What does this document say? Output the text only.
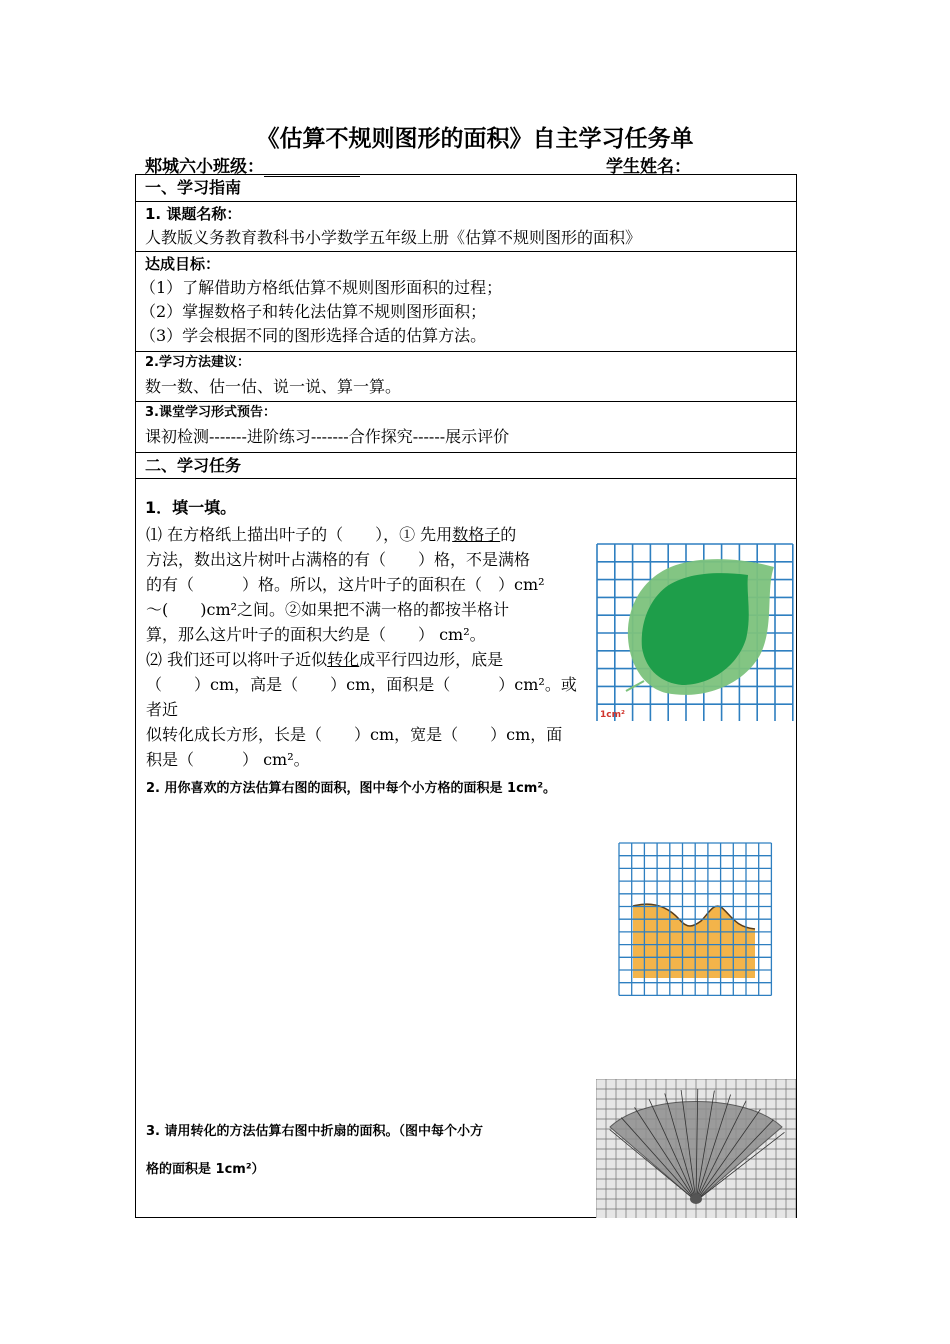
《估算不规则图形的面积》自主学习任务单
郏城六小班级：	学生姓名：
一、学习指南
1. 课题名称：
人教版义务教育教科书小学数学五年级上册《估算不规则图形的面积》
达成目标：
（1）了解借助方格纸估算不规则图形面积的过程；
（2）掌握数格子和转化法估算不规则图形面积；
（3）学会根据不同的图形选择合适的估算方法。
2.学习方法建议：
数一数、估一估、说一说、算一算。
3.课堂学习形式预告：
课初检测-------进阶练习-------合作探究------展示评价
二、学习任务
1．填一填。
⑴ 在方格纸上描出叶子的（　　），① 先用数格子的
方法，数出这片树叶占满格的有（　　）格，不是满格
的有（　　　）格。所以，这片叶子的面积在（　）cm²
～(　　)cm²之间。②如果把不满一格的都按半格计
算，那么这片叶子的面积大约是（　　） cm²。
⑵ 我们还可以将叶子近似转化成平行四边形，底是
（　　）cm，高是（　　）cm，面积是（　　　）cm²。或者近
似转化成长方形，长是（　　）cm，宽是（　　）cm，面
积是（　　　） cm²。
1cm²
2. 用你喜欢的方法估算右图的面积，图中每个小方格的面积是 1cm²。
3. 请用转化的方法估算右图中折扇的面积。（图中每个小方
格的面积是 1cm²）
